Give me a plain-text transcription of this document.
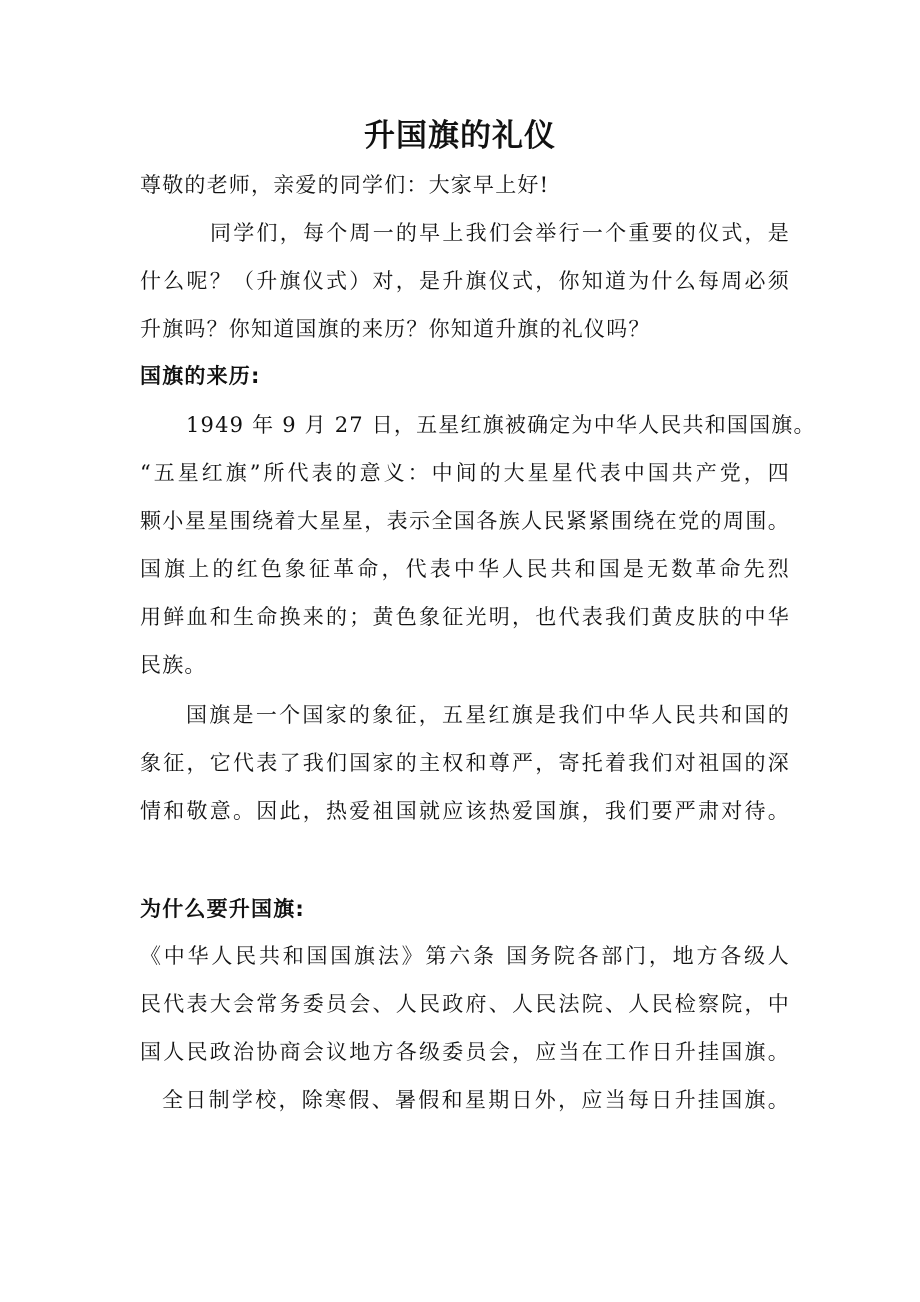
升国旗的礼仪
尊敬的老师，亲爱的同学们：大家早上好!
同学们，每个周一的早上我们会举行一个重要的仪式，是
什么呢？（升旗仪式）对，是升旗仪式，你知道为什么每周必须
升旗吗？你知道国旗的来历？你知道升旗的礼仪吗？
国旗的来历:
1949 年 9 月 27 日，五星红旗被确定为中华人民共和国国旗。
“五星红旗”所代表的意义：中间的大星星代表中国共产党，四
颗小星星围绕着大星星，表示全国各族人民紧紧围绕在党的周围。
国旗上的红色象征革命，代表中华人民共和国是无数革命先烈
用鲜血和生命换来的；黄色象征光明，也代表我们黄皮肤的中华
民族。
国旗是一个国家的象征，五星红旗是我们中华人民共和国的
象征，它代表了我们国家的主权和尊严，寄托着我们对祖国的深
情和敬意。因此，热爱祖国就应该热爱国旗，我们要严肃对待。
为什么要升国旗:
《中华人民共和国国旗法》第六条 国务院各部门，地方各级人
民代表大会常务委员会、人民政府、人民法院、人民检察院，中
国人民政治协商会议地方各级委员会，应当在工作日升挂国旗。
全日制学校，除寒假、暑假和星期日外，应当每日升挂国旗。
